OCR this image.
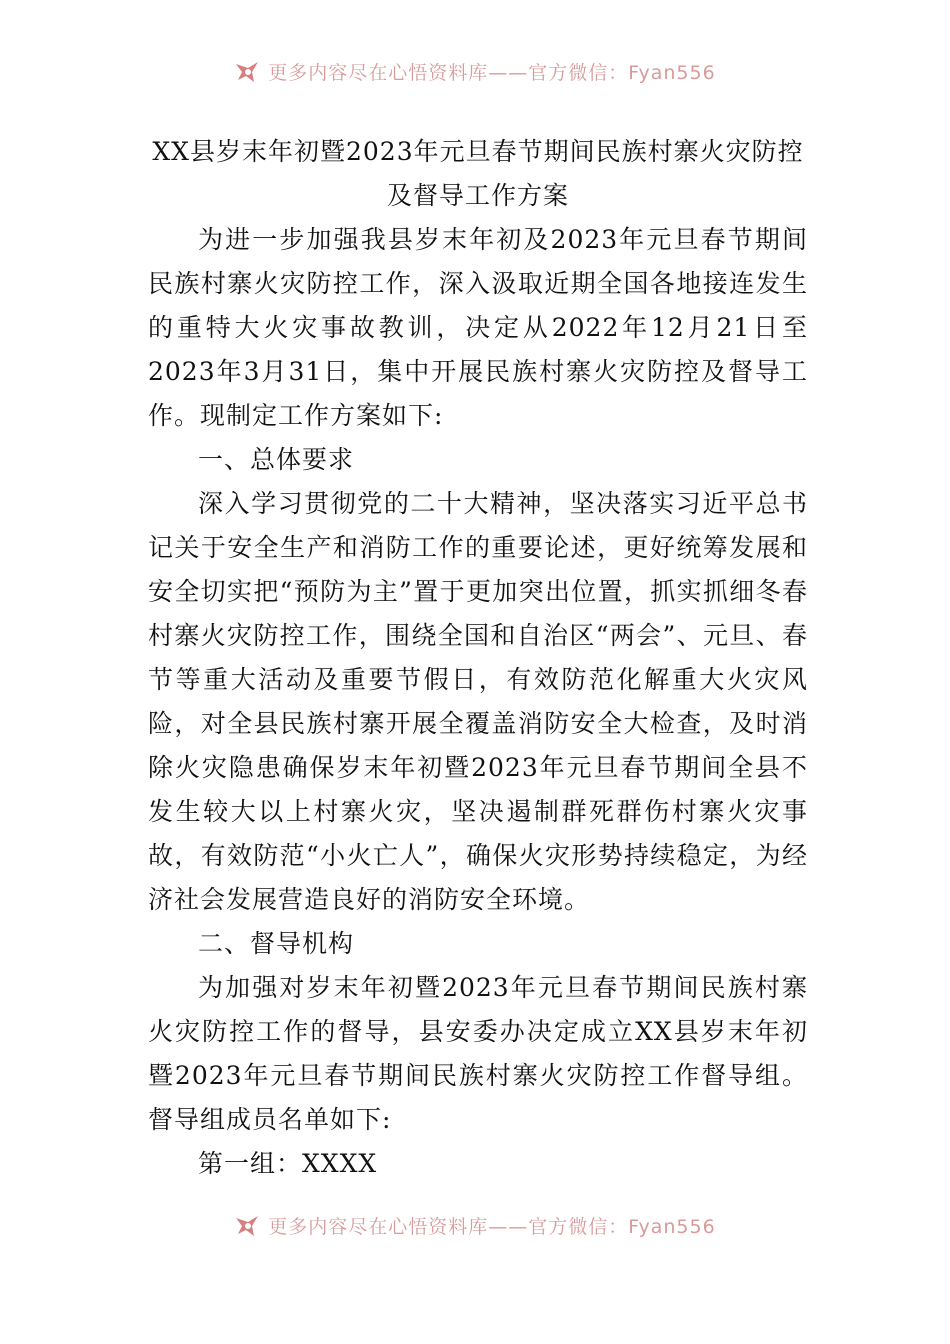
更多内容尽在心悟资料库——官方微信：Fyan556
XX县岁末年初暨2023年元旦春节期间民族村寨火灾防控及督导工作方案

为进一步加强我县岁末年初及2023年元旦春节期间民族村寨火灾防控工作，深入汲取近期全国各地接连发生的重特大火灾事故教训，决定从2022年12月21日至2023年3月31日，集中开展民族村寨火灾防控及督导工作。现制定工作方案如下:

一、总体要求

深入学习贯彻党的二十大精神，坚决落实习近平总书记关于安全生产和消防工作的重要论述，更好统筹发展和安全切实把“预防为主”置于更加突出位置，抓实抓细冬春村寨火灾防控工作，围绕全国和自治区“两会”、元旦、春节等重大活动及重要节假日，有效防范化解重大火灾风险，对全县民族村寨开展全覆盖消防安全大检查，及时消除火灾隐患确保岁末年初暨2023年元旦春节期间全县不发生较大以上村寨火灾，坚决遏制群死群伤村寨火灾事故，有效防范“小火亡人”，确保火灾形势持续稳定，为经济社会发展营造良好的消防安全环境。

二、督导机构

为加强对岁末年初暨2023年元旦春节期间民族村寨火灾防控工作的督导，县安委办决定成立XX县岁末年初暨2023年元旦春节期间民族村寨火灾防控工作督导组。督导组成员名单如下:

第一组：XXXX

更多内容尽在心悟资料库——官方微信：Fyan556
